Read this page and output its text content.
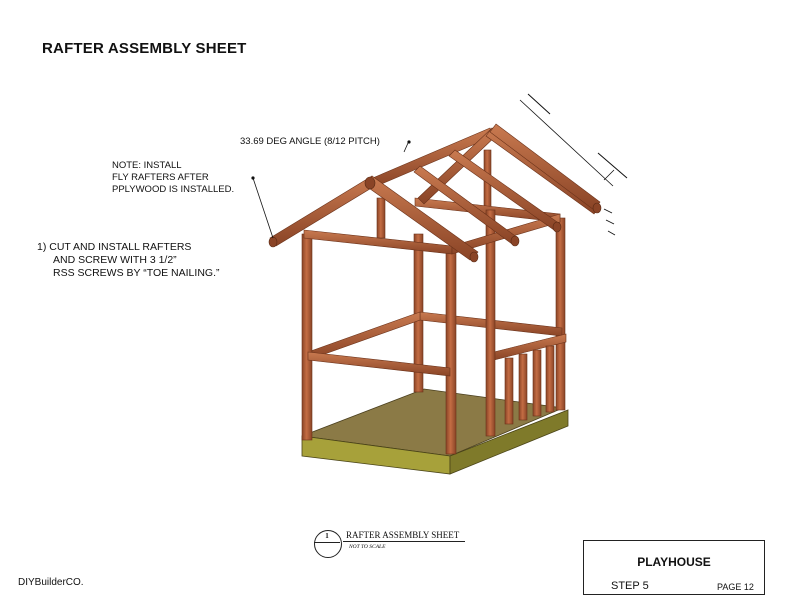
RAFTER ASSEMBLY SHEET
33.69 DEG ANGLE (8/12 PITCH)
NOTE: INSTALL
FLY RAFTERS AFTER
PPLYWOOD IS INSTALLED.
1) CUT AND INSTALL RAFTERS
AND SCREW WITH 3 1/2”
RSS SCREWS BY “TOE NAILING.”
1	RAFTER ASSEMBLY SHEET
NOT TO SCALE
DIYBuilderCO.
PLAYHOUSE
STEP 5	PAGE 12
